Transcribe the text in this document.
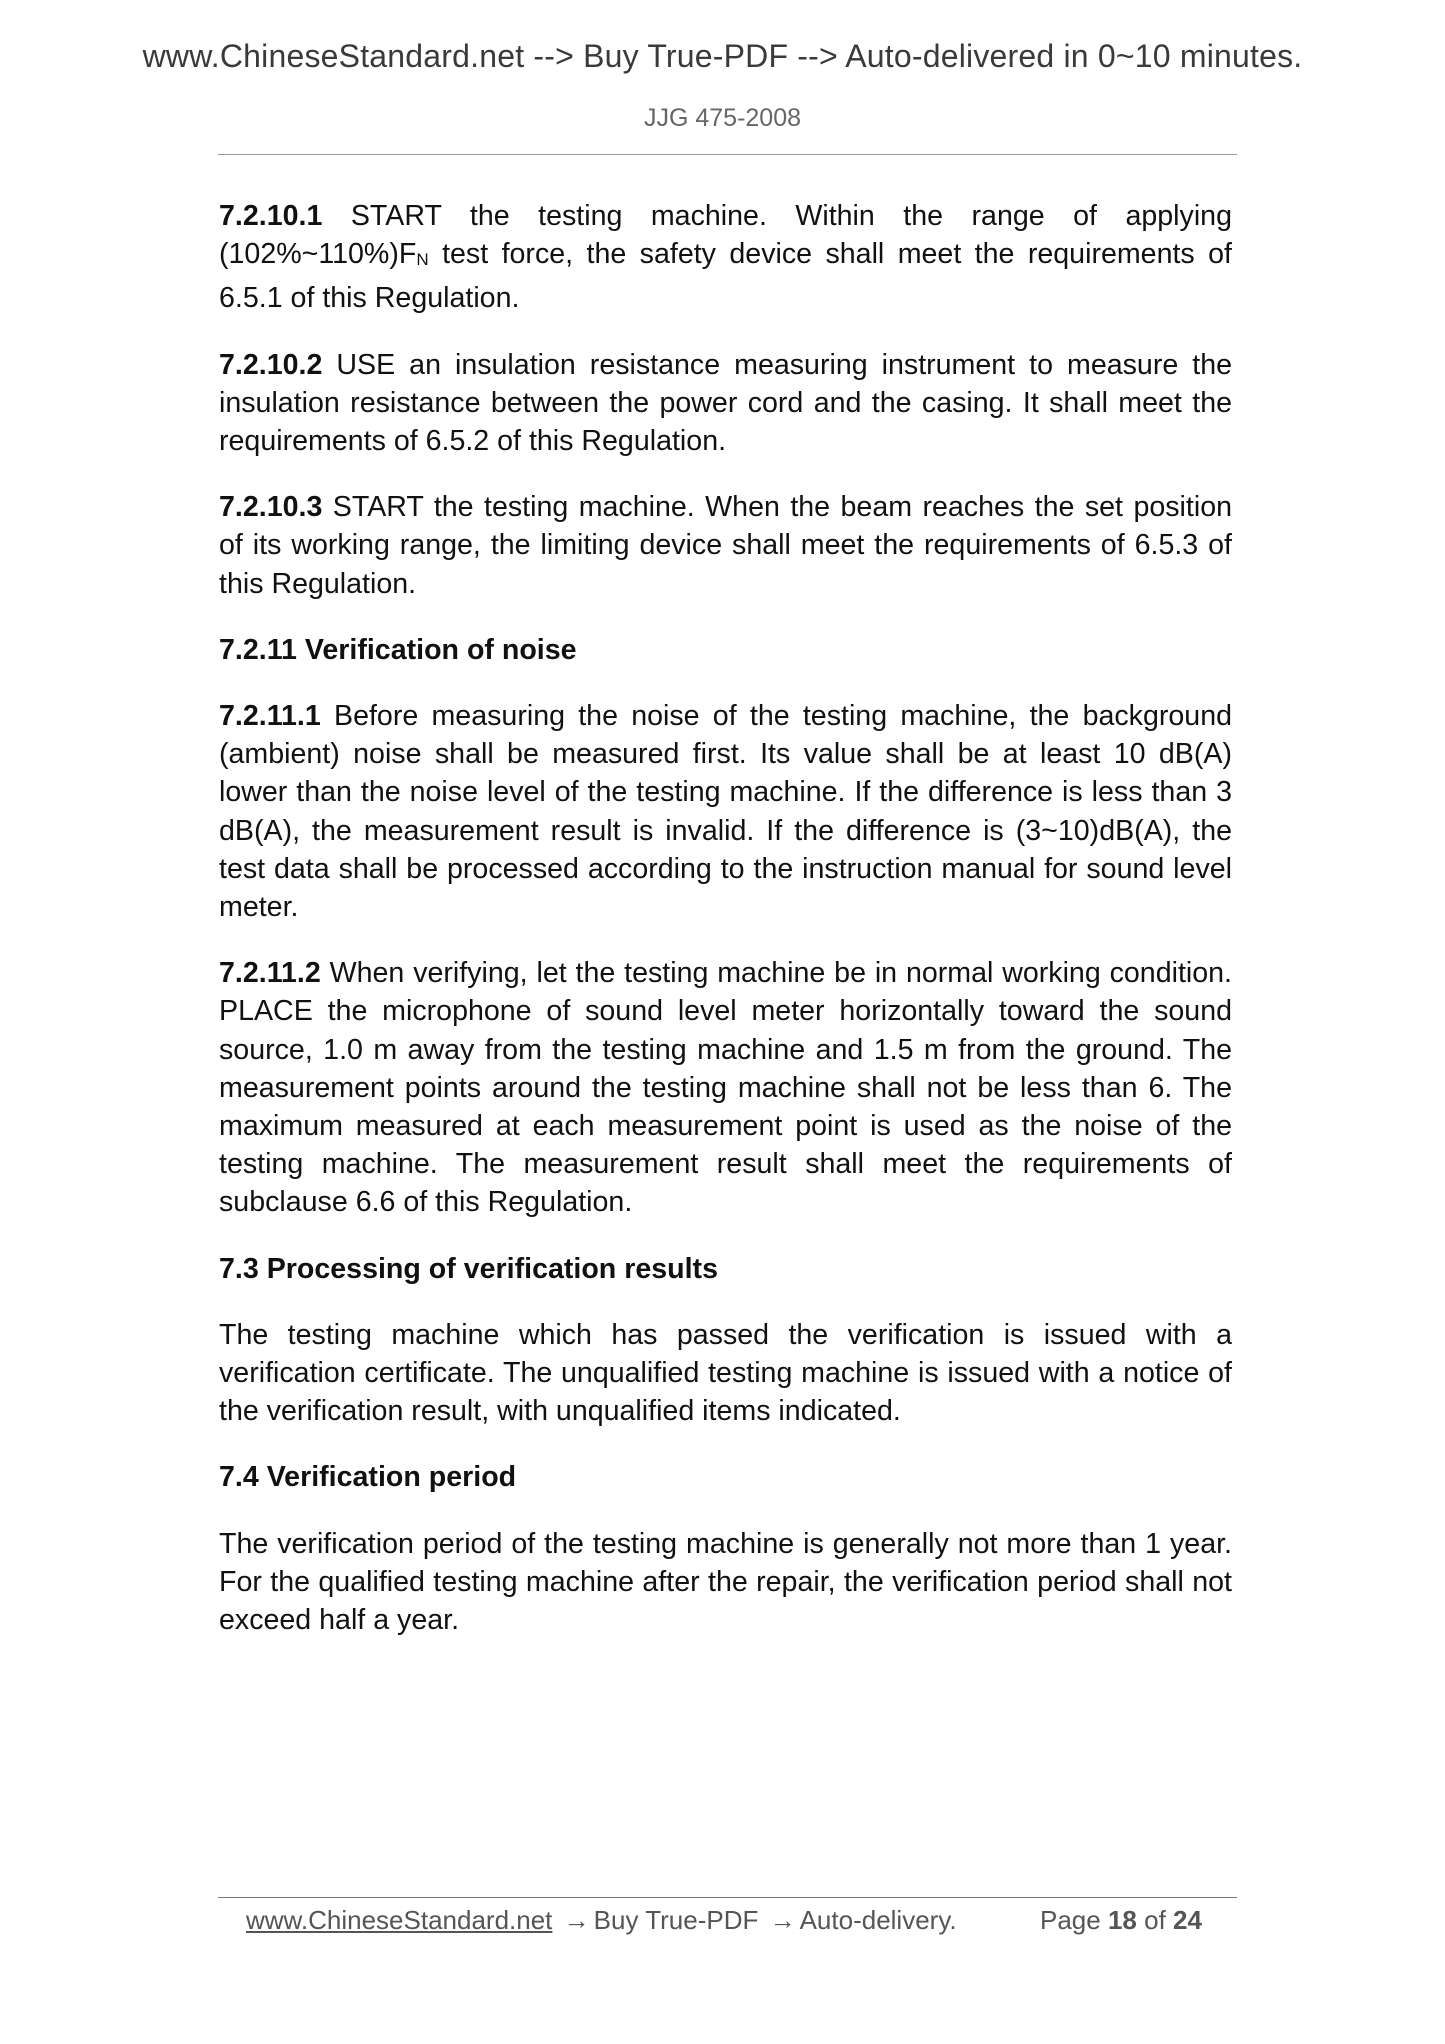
www.ChineseStandard.net --> Buy True-PDF --> Auto-delivered in 0~10 minutes.
JJG 475-2008

7.2.10.1 START the testing machine. Within the range of applying (102%~110%)FN test force, the safety device shall meet the requirements of 6.5.1 of this Regulation.

7.2.10.2 USE an insulation resistance measuring instrument to measure the insulation resistance between the power cord and the casing. It shall meet the requirements of 6.5.2 of this Regulation.

7.2.10.3 START the testing machine. When the beam reaches the set position of its working range, the limiting device shall meet the requirements of 6.5.3 of this Regulation.

7.2.11 Verification of noise

7.2.11.1 Before measuring the noise of the testing machine, the background (ambient) noise shall be measured first. Its value shall be at least 10 dB(A) lower than the noise level of the testing machine. If the difference is less than 3 dB(A), the measurement result is invalid. If the difference is (3~10)dB(A), the test data shall be processed according to the instruction manual for sound level meter.

7.2.11.2 When verifying, let the testing machine be in normal working condition. PLACE the microphone of sound level meter horizontally toward the sound source, 1.0 m away from the testing machine and 1.5 m from the ground. The measurement points around the testing machine shall not be less than 6. The maximum measured at each measurement point is used as the noise of the testing machine. The measurement result shall meet the requirements of subclause 6.6 of this Regulation.

7.3 Processing of verification results

The testing machine which has passed the verification is issued with a verification certificate. The unqualified testing machine is issued with a notice of the verification result, with unqualified items indicated.

7.4 Verification period

The verification period of the testing machine is generally not more than 1 year. For the qualified testing machine after the repair, the verification period shall not exceed half a year.

www.ChineseStandard.net → Buy True-PDF → Auto-delivery.	Page 18 of 24
